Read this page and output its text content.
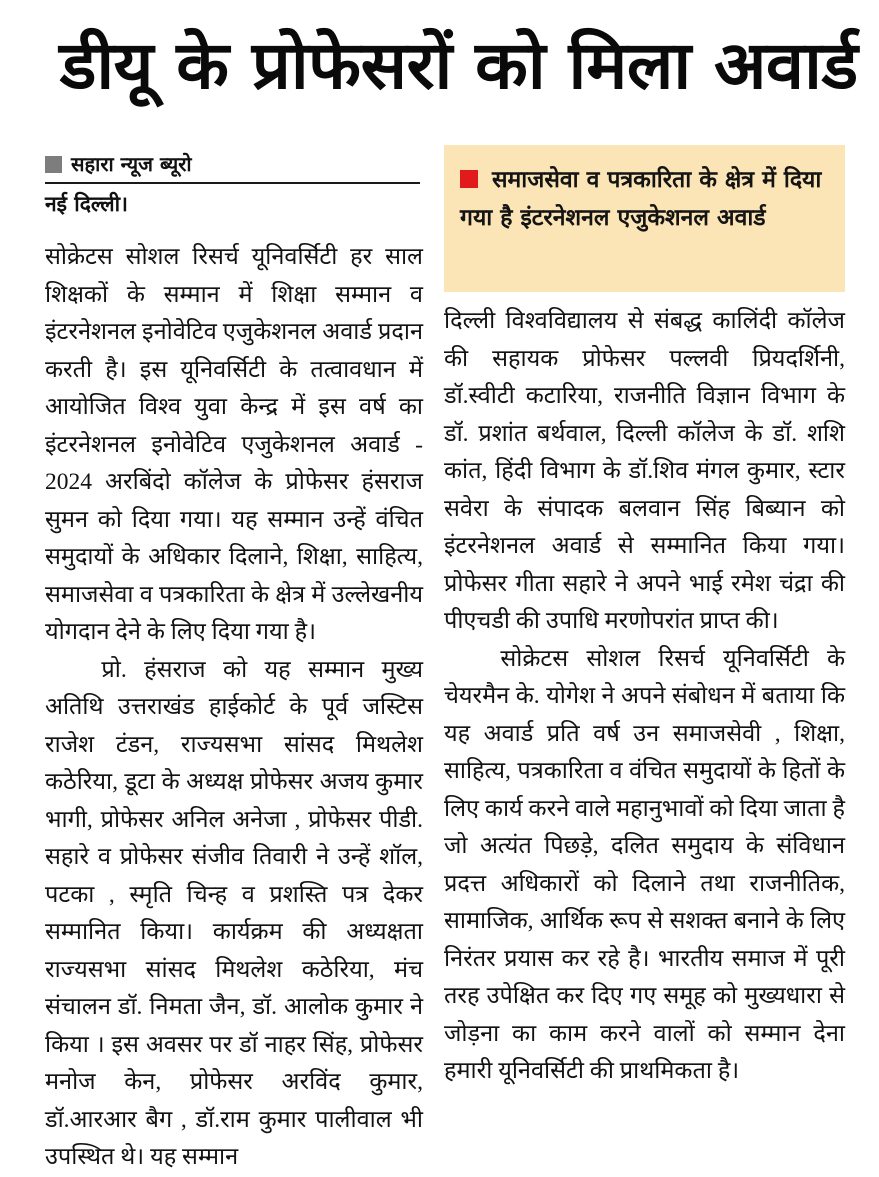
डीयू के प्रोफेसरों को मिला अवार्ड
सहारा न्यूज ब्यूरो
नई दिल्ली।
समाजसेवा व पत्रकारिता के क्षेत्र में दिया गया है इंटरनेशनल एजुकेशनल अवार्ड

सोक्रेटस सोशल रिसर्च यूनिवर्सिटी हर साल शिक्षकों के सम्मान में शिक्षा सम्मान व इंटरनेशनल इनोवेटिव एजुकेशनल अवार्ड प्रदान करती है। इस यूनिवर्सिटी के तत्वावधान में आयोजित विश्व युवा केन्द्र में इस वर्ष का इंटरनेशनल इनोवेटिव एजुकेशनल अवार्ड - 2024 अरबिंदो कॉलेज के प्रोफेसर हंसराज सुमन को दिया गया। यह सम्मान उन्हें वंचित समुदायों के अधिकार दिलाने, शिक्षा, साहित्य, समाजसेवा व पत्रकारिता के क्षेत्र में उल्लेखनीय योगदान देने के लिए दिया गया है।

प्रो. हंसराज को यह सम्मान मुख्य अतिथि उत्तराखंड हाईकोर्ट के पूर्व जस्टिस राजेश टंडन, राज्यसभा सांसद मिथलेश कठेरिया, डूटा के अध्यक्ष प्रोफेसर अजय कुमार भागी, प्रोफेसर अनिल अनेजा , प्रोफेसर पीडी. सहारे व प्रोफेसर संजीव तिवारी ने उन्हें शॉल, पटका , स्मृति चिन्ह व प्रशस्ति पत्र देकर सम्मानित किया। कार्यक्रम की अध्यक्षता राज्यसभा सांसद मिथलेश कठेरिया, मंच संचालन डॉ. निमता जैन, डॉ. आलोक कुमार ने किया । इस अवसर पर डॉ नाहर सिंह, प्रोफेसर मनोज केन, प्रोफेसर अरविंद कुमार, डॉ.आरआर बैग , डॉ.राम कुमार पालीवाल भी उपस्थित थे। यह सम्मान

दिल्ली विश्वविद्यालय से संबद्ध कालिंदी कॉलेज की सहायक प्रोफेसर पल्लवी प्रियदर्शिनी, डॉ.स्वीटी कटारिया, राजनीति विज्ञान विभाग के डॉ. प्रशांत बर्थवाल, दिल्ली कॉलेज के डॉ. शशि कांत, हिंदी विभाग के डॉ.शिव मंगल कुमार, स्टार सवेरा के संपादक बलवान सिंह बिब्यान को इंटरनेशनल अवार्ड से सम्मानित किया गया। प्रोफेसर गीता सहारे ने अपने भाई रमेश चंद्रा की पीएचडी की उपाधि मरणोपरांत प्राप्त की।

सोक्रेटस सोशल रिसर्च यूनिवर्सिटी के चेयरमैन के. योगेश ने अपने संबोधन में बताया कि यह अवार्ड प्रति वर्ष उन समाजसेवी , शिक्षा, साहित्य, पत्रकारिता व वंचित समुदायों के हितों के लिए कार्य करने वाले महानुभावों को दिया जाता है जो अत्यंत पिछड़े, दलित समुदाय के संविधान प्रदत्त अधिकारों को दिलाने तथा राजनीतिक, सामाजिक, आर्थिक रूप से सशक्त बनाने के लिए निरंतर प्रयास कर रहे है। भारतीय समाज में पूरी तरह उपेक्षित कर दिए गए समूह को मुख्यधारा से जोड़ना का काम करने वालों को सम्मान देना हमारी यूनिवर्सिटी की प्राथमिकता है।
